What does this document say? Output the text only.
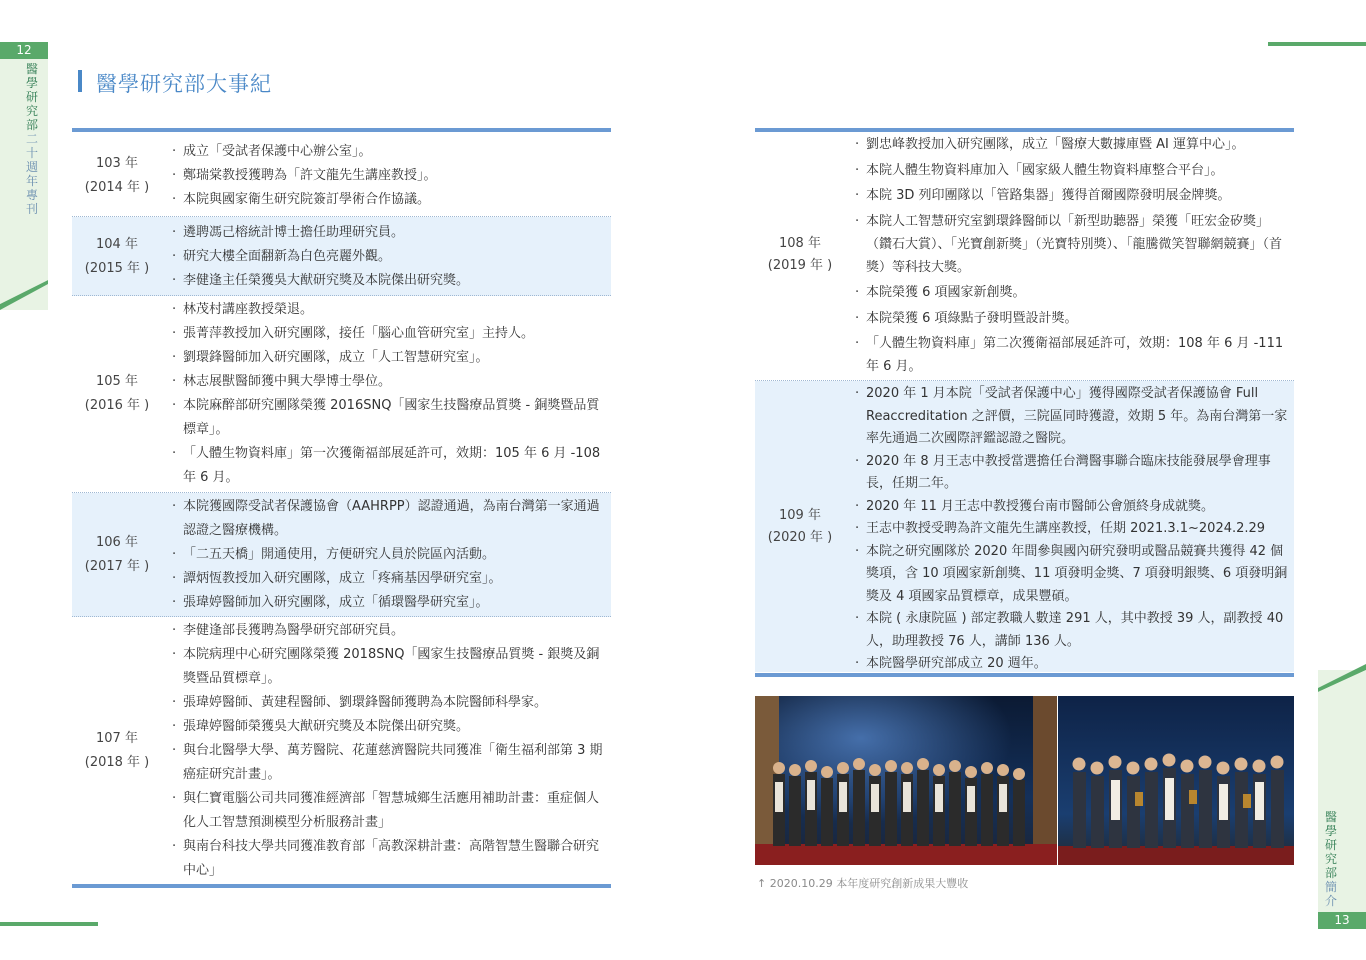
12
醫學研究部二十週年專刊
醫學研究部簡介
13
醫學研究部大事紀
103 年
(2014 年 )
‧ 成立「受試者保護中心辦公室」。
‧ 鄭瑞棠教授獲聘為「許文龍先生講座教授」。
‧ 本院與國家衛生研究院簽訂學術合作協議。
104 年
(2015 年 )
‧ 遴聘馮己榕統計博士擔任助理研究員。
‧ 研究大樓全面翻新為白色亮麗外觀。
‧ 李健逢主任榮獲吳大猷研究獎及本院傑出研究獎。
105 年
(2016 年 )
‧ 林茂村講座教授榮退。
‧ 張菁萍教授加入研究團隊，接任「腦心血管研究室」主持人。
‧ 劉環鋒醫師加入研究團隊，成立「人工智慧研究室」。
‧ 林志展獸醫師獲中興大學博士學位。
‧ 本院麻醉部研究團隊榮獲 2016SNQ「國家生技醫療品質獎 - 銅獎暨品質標章」。
‧ 「人體生物資料庫」第一次獲衛福部展延許可，效期：105 年 6 月 -108 年 6 月。
106 年
(2017 年 )
‧ 本院獲國際受試者保護協會（AAHRPP）認證通過，為南台灣第一家通過認證之醫療機構。
‧ 「二五天橋」開通使用，方便研究人員於院區內活動。
‧ 譚炳恆教授加入研究團隊，成立「疼痛基因學研究室」。
‧ 張瑋婷醫師加入研究團隊，成立「循環醫學研究室」。
107 年
(2018 年 )
‧ 李健逢部長獲聘為醫學研究部研究員。
‧ 本院病理中心研究團隊榮獲 2018SNQ「國家生技醫療品質獎 - 銀獎及銅獎暨品質標章」。
‧ 張瑋婷醫師、黃建程醫師、劉環鋒醫師獲聘為本院醫師科學家。
‧ 張瑋婷醫師榮獲吳大猷研究獎及本院傑出研究獎。
‧ 與台北醫學大學、萬芳醫院、花蓮慈濟醫院共同獲准「衛生福利部第 3 期癌症研究計畫」。
‧ 與仁寶電腦公司共同獲准經濟部「智慧城鄉生活應用補助計畫：重症個人化人工智慧預測模型分析服務計畫」
‧ 與南台科技大學共同獲准教育部「高教深耕計畫：高階智慧生醫聯合研究中心」
108 年
(2019 年 )
‧ 劉忠峰教授加入研究團隊，成立「醫療大數據庫暨 AI 運算中心」。
‧ 本院人體生物資料庫加入「國家級人體生物資料庫整合平台」。
‧ 本院 3D 列印團隊以「管路集器」獲得首爾國際發明展金牌獎。
‧ 本院人工智慧研究室劉環鋒醫師以「新型助聽器」榮獲「旺宏金矽獎」（鑽石大賞）、「光寶創新獎」（光寶特別獎）、「龍騰微笑智聯網競賽」（首獎）等科技大獎。
‧ 本院榮獲 6 項國家新創獎。
‧ 本院榮獲 6 項綠點子發明暨設計獎。
‧ 「人體生物資料庫」第二次獲衛福部展延許可，效期：108 年 6 月 -111 年 6 月。
109 年
(2020 年 )
‧ 2020 年 1 月本院「受試者保護中心」獲得國際受試者保護協會 Full Reaccreditation 之評價，三院區同時獲證，效期 5 年。為南台灣第一家率先通過二次國際評鑑認證之醫院。
‧ 2020 年 8 月王志中教授當選擔任台灣醫事聯合臨床技能發展學會理事長，任期二年。
‧ 2020 年 11 月王志中教授獲台南市醫師公會頒終身成就獎。
‧ 王志中教授受聘為許文龍先生講座教授，任期 2021.3.1~2024.2.29
‧ 本院之研究團隊於 2020 年間參與國內研究發明或醫品競賽共獲得 42 個獎項，含 10 項國家新創獎、11 項發明金獎、7 項發明銀獎、6 項發明銅獎及 4 項國家品質標章，成果豐碩。
‧ 本院 ( 永康院區 ) 部定教職人數達 291 人，其中教授 39 人，副教授 40 人，助理教授 76 人，講師 136 人。
‧ 本院醫學研究部成立 20 週年。
↑ 2020.10.29 本年度研究創新成果大豐收
